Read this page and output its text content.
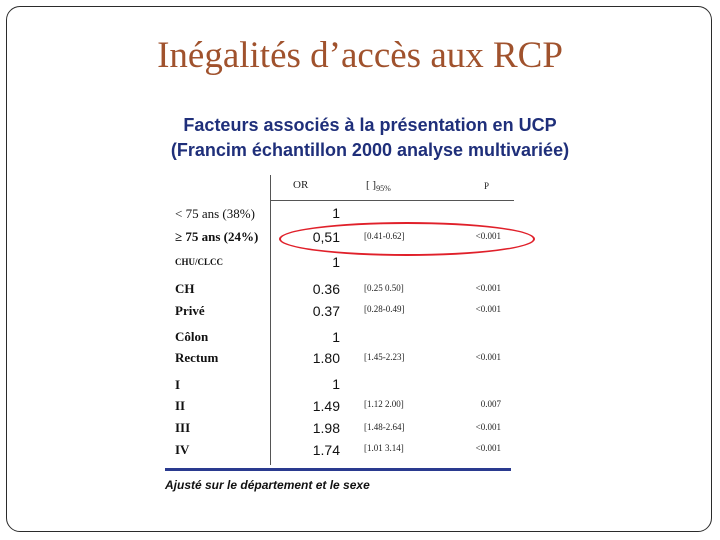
Inégalités d’accès aux RCP
Facteurs associés à la présentation en UCP
(Francim échantillon 2000 analyse multivariée)
OR	[ ]$_{95\%}$	P
< 75 ans (38%)	1
≥ 75 ans (24%)	0,51	[0.41-0.62]	<0.001
CHU/CLCC	1
CH	0.36	[0.25 0.50]	<0.001
Privé	0.37	[0.28-0.49]	<0.001
Côlon	1
Rectum	1.80	[1.45-2.23]	<0.001
I	1
II	1.49	[1.12 2.00]	0.007
III	1.98	[1.48-2.64]	<0.001
IV	1.74	[1.01 3.14]	<0.001
Ajusté sur le département et le sexe
